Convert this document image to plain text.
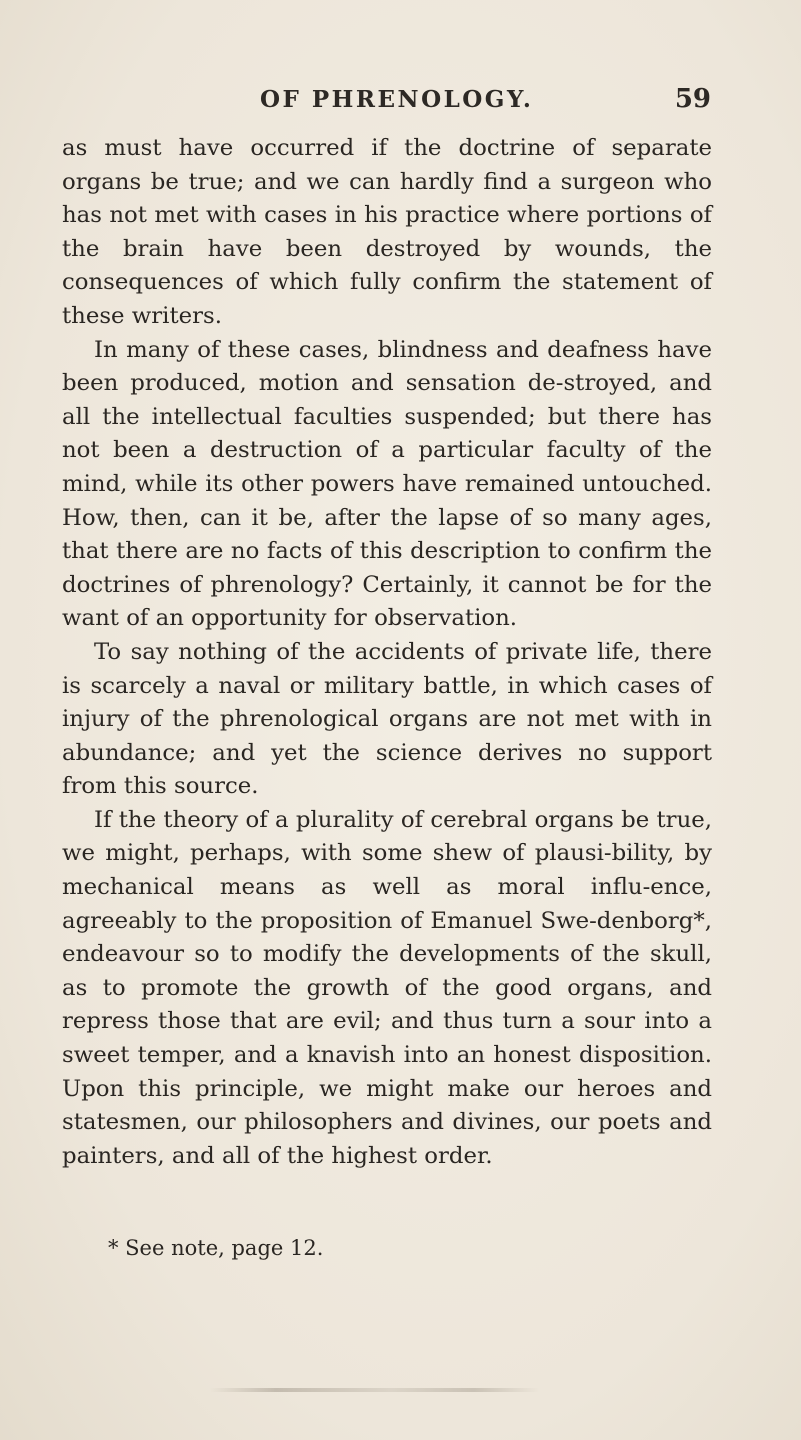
OF PHRENOLOGY.	59

as must have occurred if the doctrine of separate organs be true; and we can hardly find a surgeon who has not met with cases in his practice where portions of the brain have been destroyed by wounds, the consequences of which fully confirm the statement of these writers.

In many of these cases, blindness and deafness have been produced, motion and sensation de-stroyed, and all the intellectual faculties suspended; but there has not been a destruction of a particular faculty of the mind, while its other powers have remained untouched. How, then, can it be, after the lapse of so many ages, that there are no facts of this description to confirm the doctrines of phrenology? Certainly, it cannot be for the want of an opportunity for observation.

To say nothing of the accidents of private life, there is scarcely a naval or military battle, in which cases of injury of the phrenological organs are not met with in abundance; and yet the science derives no support from this source.

If the theory of a plurality of cerebral organs be true, we might, perhaps, with some shew of plausi-bility, by mechanical means as well as moral influ-ence, agreeably to the proposition of Emanuel Swe-denborg*, endeavour so to modify the developments of the skull, as to promote the growth of the good organs, and repress those that are evil; and thus turn a sour into a sweet temper, and a knavish into an honest disposition. Upon this principle, we might make our heroes and statesmen, our philosophers and divines, our poets and painters, and all of the highest order.

* See note, page 12.
